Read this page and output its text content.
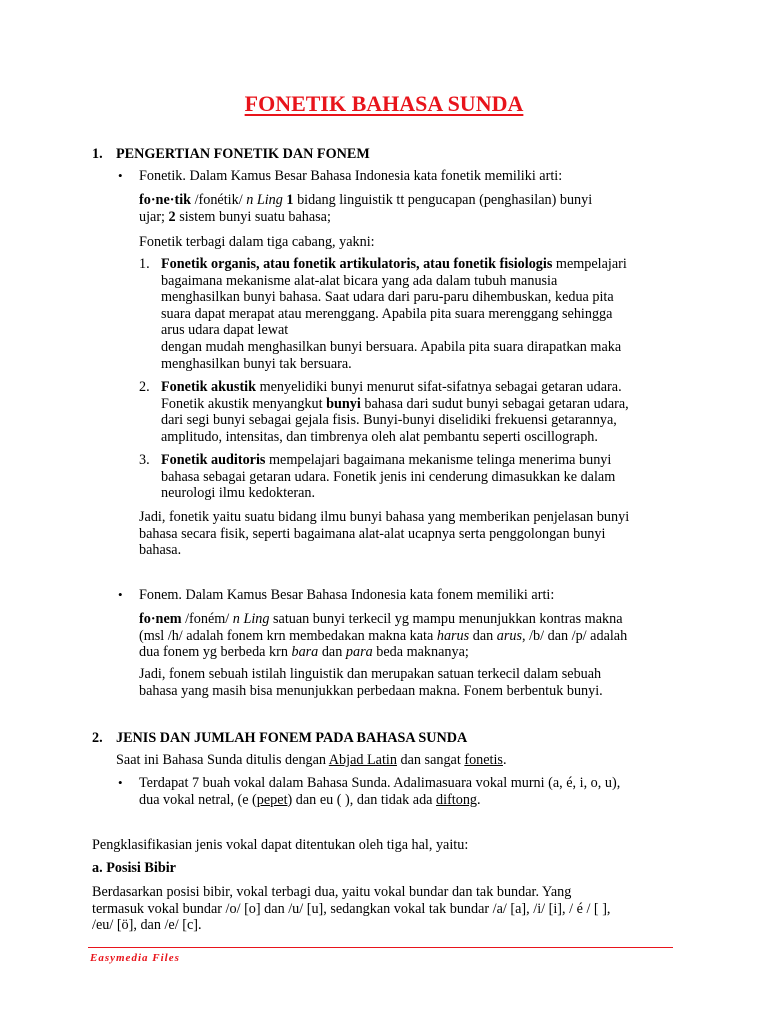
FONETIK BAHASA SUNDA
1. PENGERTIAN FONETIK DAN FONEM
• Fonetik. Dalam Kamus Besar Bahasa Indonesia kata fonetik memiliki arti:

fo·ne·tik /fonétik/ n Ling 1 bidang linguistik tt pengucapan (penghasilan) bunyi

ujar; 2 sistem bunyi suatu bahasa;

Fonetik terbagi dalam tiga cabang, yakni:
1. Fonetik organis, atau fonetik artikulatoris, atau fonetik fisiologis mempelajari

bagaimana mekanisme alat-alat bicara yang ada dalam tubuh manusia

menghasilkan bunyi bahasa. Saat udara dari paru-paru dihembuskan, kedua pita

suara dapat merapat atau merenggang. Apabila pita suara merenggang sehingga

arus udara dapat lewat

dengan mudah menghasilkan bunyi bersuara. Apabila pita suara dirapatkan maka

menghasilkan bunyi tak bersuara.

2. Fonetik akustik menyelidiki bunyi menurut sifat-sifatnya sebagai getaran udara.

Fonetik akustik menyangkut bunyi bahasa dari sudut bunyi sebagai getaran udara,

dari segi bunyi sebagai gejala fisis. Bunyi-bunyi diselidiki frekuensi getarannya,

amplitudo, intensitas, dan timbrenya oleh alat pembantu seperti oscillograph.

3. Fonetik auditoris mempelajari bagaimana mekanisme telinga menerima bunyi

bahasa sebagai getaran udara. Fonetik jenis ini cenderung dimasukkan ke dalam

neurologi ilmu kedokteran.

Jadi, fonetik yaitu suatu bidang ilmu bunyi bahasa yang memberikan penjelasan bunyi

bahasa secara fisik, seperti bagaimana alat-alat ucapnya serta penggolongan bunyi

bahasa.

• Fonem. Dalam Kamus Besar Bahasa Indonesia kata fonem memiliki arti:

fo·nem /foném/ n Ling satuan bunyi terkecil yg mampu menunjukkan kontras makna

(msl /h/ adalah fonem krn membedakan makna kata harus dan arus, /b/ dan /p/ adalah

dua fonem yg berbeda krn bara dan para beda maknanya;

Jadi, fonem sebuah istilah linguistik dan merupakan satuan terkecil dalam sebuah

bahasa yang masih bisa menunjukkan perbedaan makna. Fonem berbentuk bunyi.

2. JENIS DAN JUMLAH FONEM PADA BAHASA SUNDA
Saat ini Bahasa Sunda ditulis dengan Abjad Latin dan sangat fonetis.
• Terdapat 7 buah vokal dalam Bahasa Sunda. Adalimasuara vokal murni (a, é, i, o, u),

dua vokal netral, (e (pepet) dan eu ( ), dan tidak ada diftong.

Pengklasifikasian jenis vokal dapat ditentukan oleh tiga hal, yaitu:
a. Posisi Bibir

Berdasarkan posisi bibir, vokal terbagi dua, yaitu vokal bundar dan tak bundar. Yang

termasuk vokal bundar /o/ [o] dan /u/ [u], sedangkan vokal tak bundar /a/ [a], /i/ [i], / é / [ ],

/eu/ [ö], dan /e/ [c].

Easymedia Files
